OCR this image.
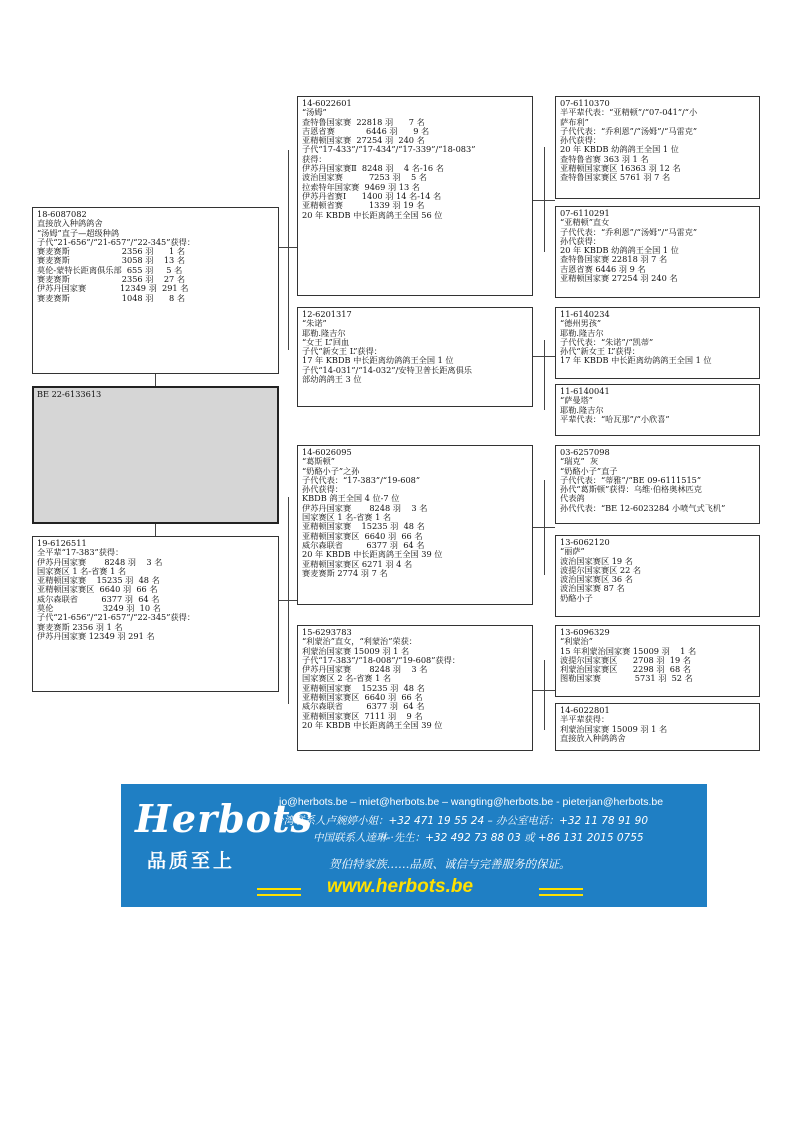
BE 22-6133613
18-6087082
直接放入种鸽鸽舍
“汤姆”直子—超级种鸽
子代“21-656”/“21-657”/“22-345”获得：
赛麦赛斯                    2356 羽      1 名
赛麦赛斯                    3058 羽    13 名
莫伦-蒙特长距离俱乐部  655 羽     5 名
赛麦赛斯                    2356 羽    27 名
伊苏丹国家赛             12349 羽  291 名
赛麦赛斯                    1048 羽      8 名
19-6126511
全平辈“17-383”获得：
伊苏丹国家赛       8248 羽    3 名
国家赛区 1 名-省赛 1 名
亚精顿国家赛    15235 羽  48 名
亚精顿国家赛区  6640 羽  66 名
威尔森联省         6377 羽  64 名
莫伦                   3249 羽  10 名
子代“21-656”/“21-657”/“22-345”获得：
赛麦赛斯 2356 羽 1 名
伊苏丹国家赛 12349 羽 291 名
14-6022601
“汤姆”
查特鲁国家赛  22818 羽      7 名
吉恩省赛            6446 羽      9 名
亚精顿国家赛  27254 羽  240 名
子代“17-433”/“17-434”/“17-339”/“18-083”
获得：
伊苏丹国家赛Ⅱ  8248 羽    4 名-16 名
波治国家赛          7253 羽    5 名
拉索特年国家赛  9469 羽 13 名
伊苏丹省赛Ⅰ      1400 羽 14 名-14 名
亚精顿省赛          1339 羽 19 名
20 年 KBDB 中长距离鸽王全国 56 位
12-6201317
“朱诺”
耶勒.隆吉尔
“女王 L”回血
子代“新女王 L”获得：
17 年 KBDB 中长距离幼鸽鸽王全国 1 位
子代“14-031”/“14-032”/安特卫普长距离俱乐
部幼鸽鸽王 3 位
14-6026095
“葛斯顿”
“奶酪小子”之孙
子代代表：“17-383”/“19-608”
孙代获得：
KBDB 鸽王全国 4 位-7 位
伊苏丹国家赛       8248 羽    3 名
国家赛区 1 名-省赛 1 名
亚精顿国家赛    15235 羽  48 名
亚精顿国家赛区  6640 羽  66 名
威尔森联省         6377 羽  64 名
20 年 KBDB 中长距离鸽王全国 39 位
亚精顿国家赛区 6271 羽 4 名
赛麦赛斯 2774 羽 7 名
15-6293783
“利蒙治”直女，“利蒙治”荣获：
利蒙治国家赛 15009 羽 1 名
子代“17-383”/“18-008”/“19-608”获得：
伊苏丹国家赛       8248 羽    3 名
国家赛区 2 名-省赛 1 名
亚精顿国家赛    15235 羽  48 名
亚精顿国家赛区  6640 羽  66 名
威尔森联省         6377 羽  64 名
亚精顿国家赛区  7111 羽    9 名
20 年 KBDB 中长距离鸽王全国 39 位
07-6110370
半平辈代表：“亚精顿”/“07-041”/“小
萨布利”
子代代表：“乔利恩”/“汤姆”/“马雷克”
孙代获得：
20 年 KBDB 幼鸽鸽王全国 1 位
查特鲁省赛 363 羽 1 名
亚精顿国家赛区 16363 羽 12 名
查特鲁国家赛区 5761 羽 7 名
07-6110291
“亚精顿”直女
子代代表：“乔利恩”/“汤姆”/“马雷克”
孙代获得：
20 年 KBDB 幼鸽鸽王全国 1 位
查特鲁国家赛 22818 羽 7 名
吉恩省赛 6446 羽 9 名
亚精顿国家赛 27254 羽 240 名
11-6140234
“德州男孩”
耶勒.隆吉尔
子代代表：“朱诺”/“凯蒂”
孙代“新女王 L”获得：
17 年 KBDB 中长距离幼鸽鸽王全国 1 位
11-6140041
“萨曼塔”
耶勒.隆吉尔
平辈代表：“哈瓦那”/“小欣喜”
03-6257098
“瑞克”  灰
“奶酪小子”直子
子代代表：“蒂雅”/“BE 09-6111515”
孙代“葛斯顿”获得：乌维·伯格奥林匹克
代表鸽
孙代代表：“BE 12-6023284 小喷气式飞机”
13-6062120
“丽萨”
波治国家赛区 19 名
波提尔国家赛区 22 名
波治国家赛区 36 名
波治国家赛 87 名
奶酪小子
13-6096329
“利蒙治”
15 年利蒙治国家赛 15009 羽    1 名
波提尔国家赛区      2708 羽  19 名
利蒙治国家赛区      2298 羽  68 名
图勒国家赛             5731 羽  52 名
14-6022801
半平辈获得：
利蒙治国家赛 15009 羽 1 名
直接放入种鸽鸽舍
Herbots
品质至上
jo@herbots.be – miet@herbots.be – wangting@herbots.be - pieterjan@herbots.be
台湾联系人卢婉婷小姐：+32 471 19 55 24 – 办公室电话：+32 11 78 91 90
中国联系人逵琳-·先生：+32 492 73 88 03 或 +86 131 2015 0755
贺伯特家族……品质、诚信与完善服务的保证。
www.herbots.be
